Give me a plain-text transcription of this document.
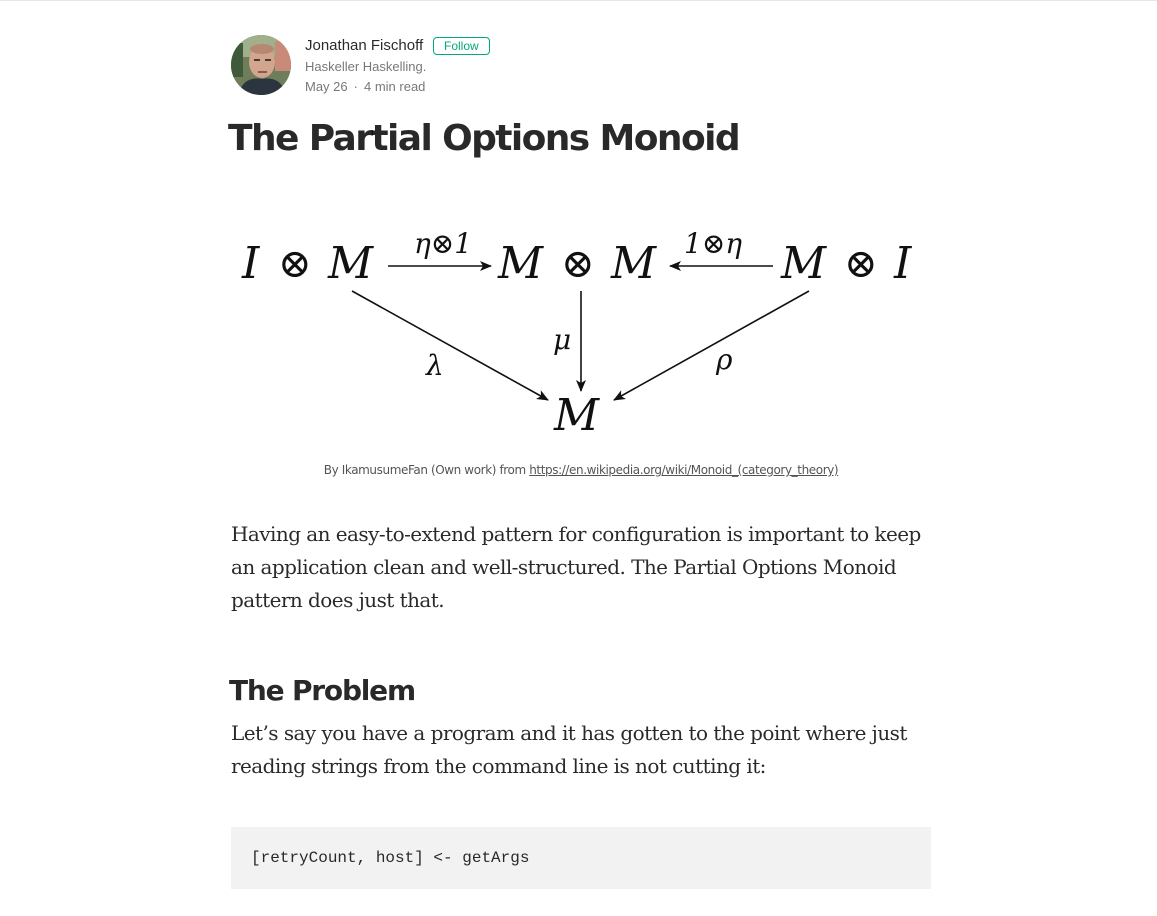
Jonathan Fischoff	Follow
Haskeller Haskelling.
May 26 · 4 min read
The Partial Options Monoid
I ⊗ M	M ⊗ M	M ⊗ I
η⊗1	1⊗η
λ
μ
ρ
M
By IkamusumeFan (Own work) from https://en.wikipedia.org/wiki/Monoid_(category_theory)

Having an easy-to-extend pattern for configuration is important to keep an application clean and well-structured. The Partial Options Monoid pattern does just that.

The Problem

Let’s say you have a program and it has gotten to the point where just reading strings from the command line is not cutting it:

[retryCount, host] <- getArgs
